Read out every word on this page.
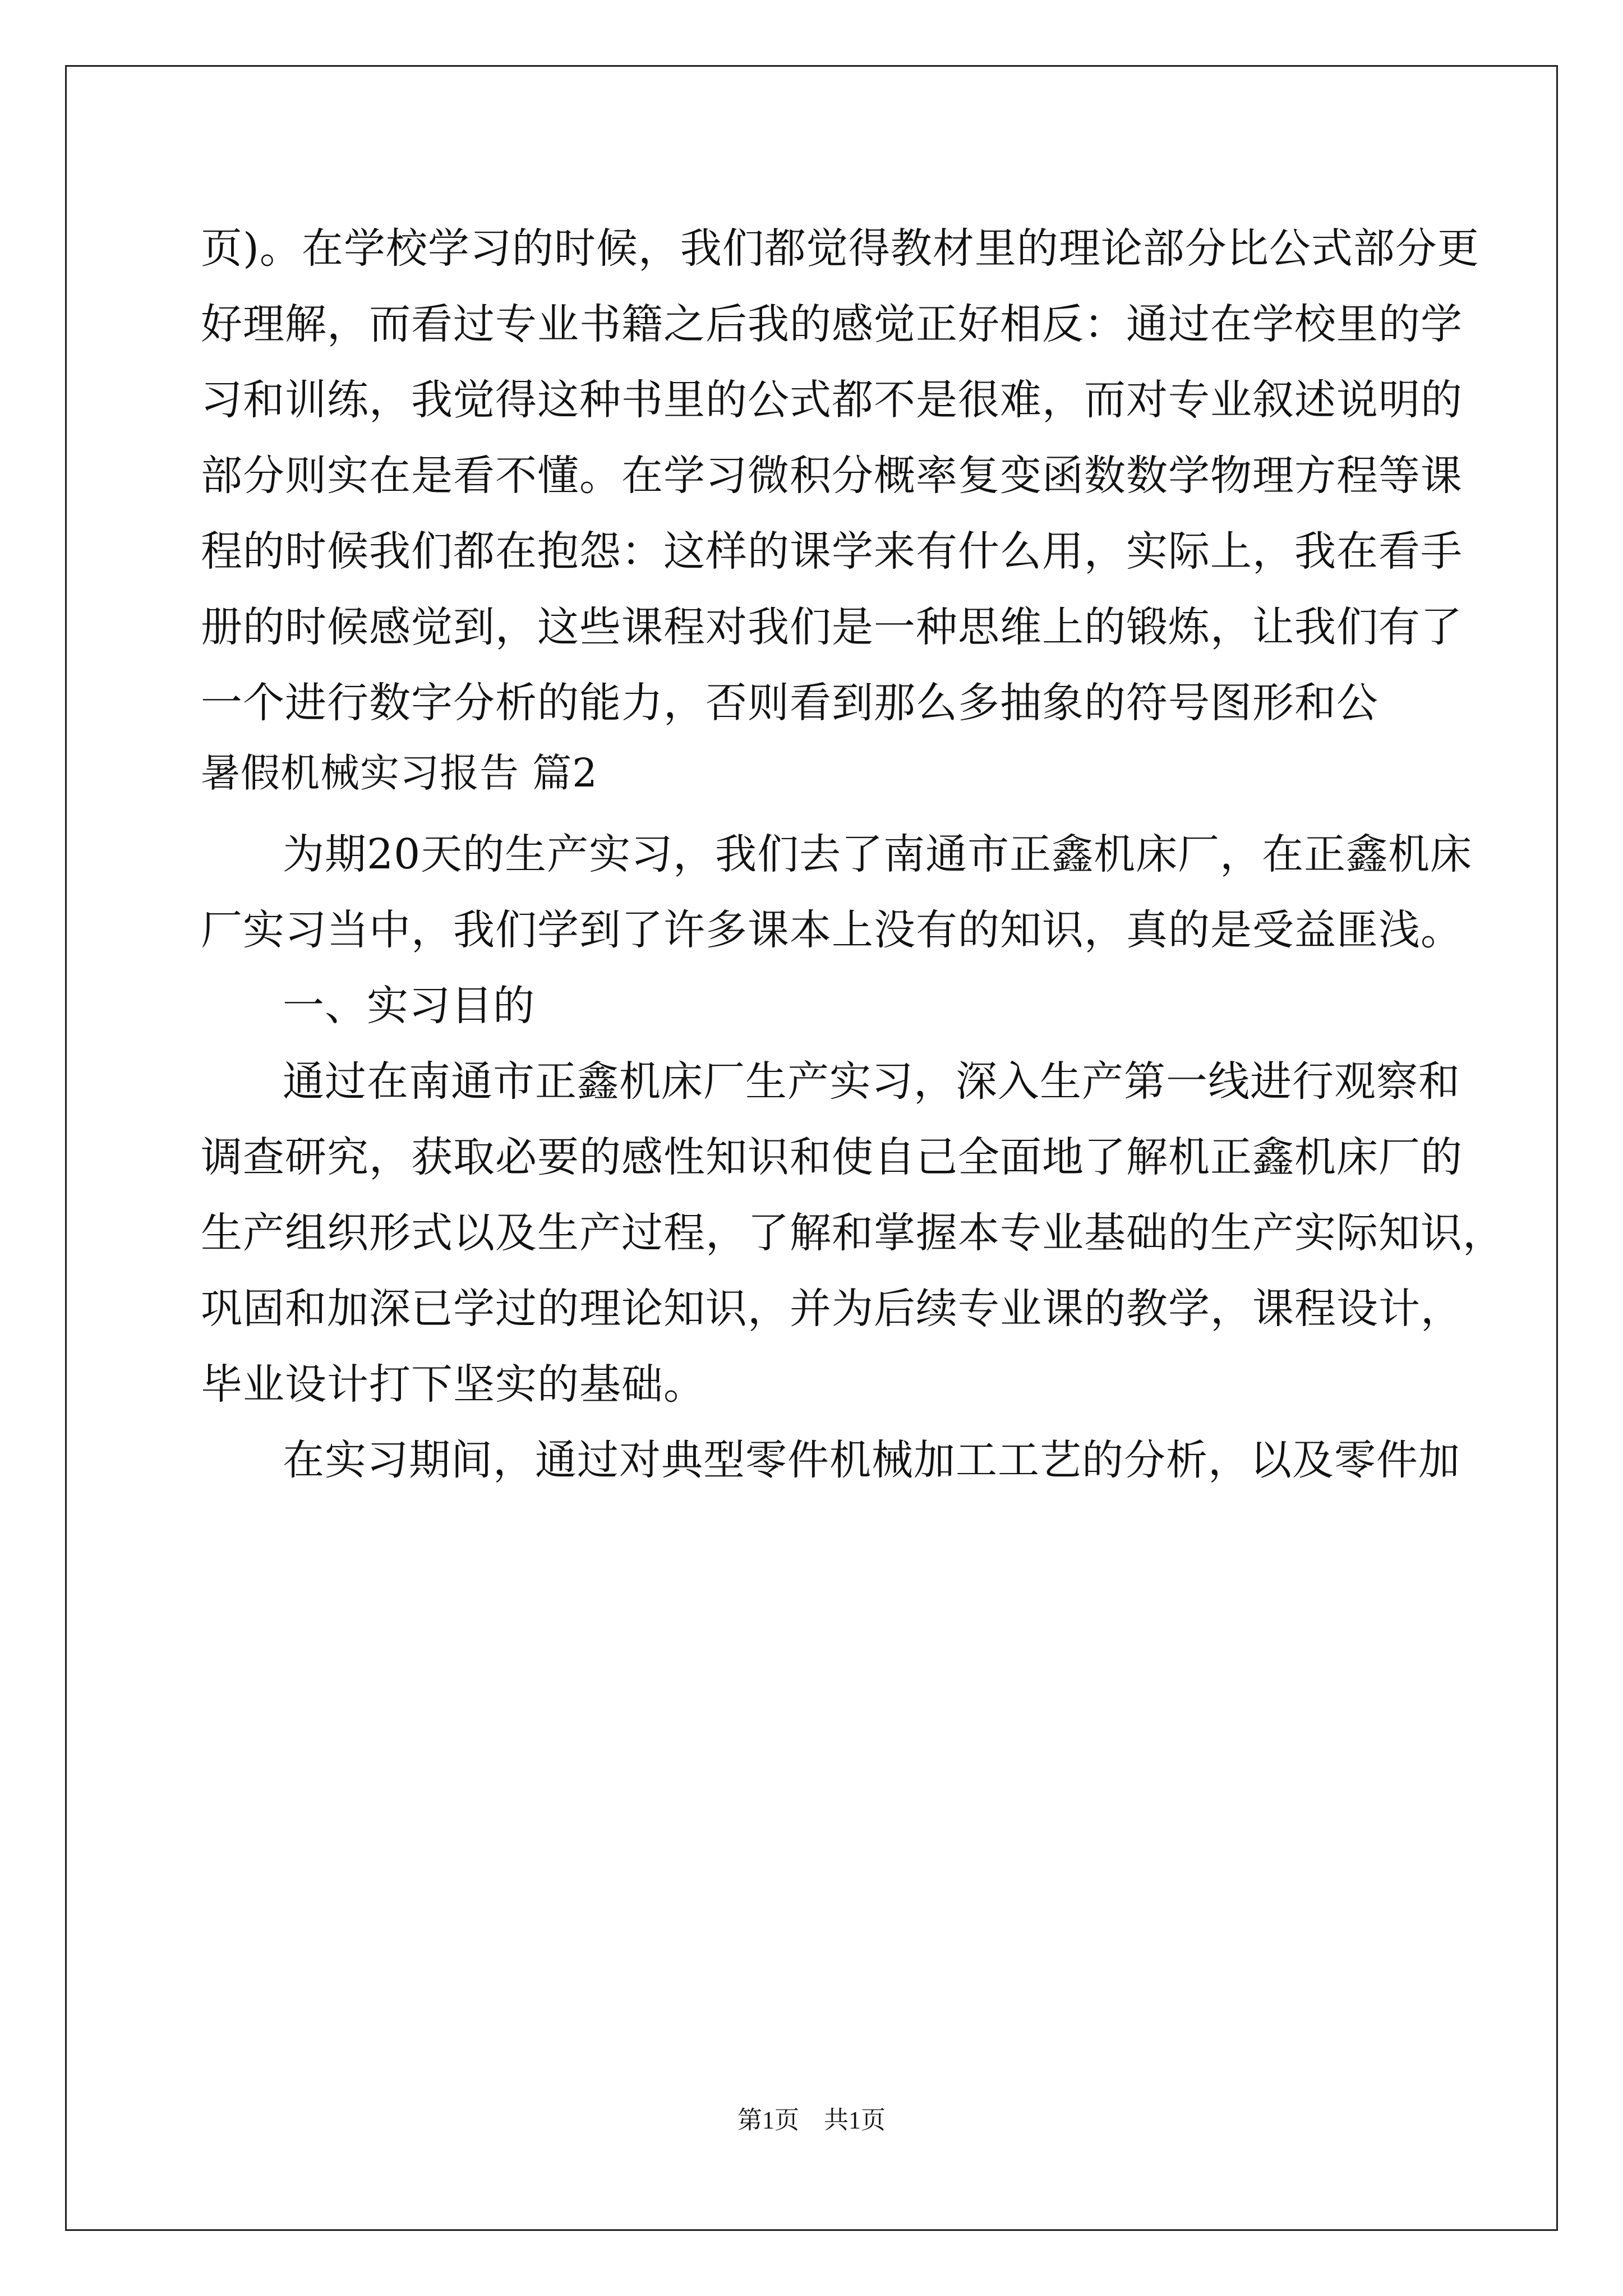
页)。在学校学习的时候，我们都觉得教材里的理论部分比公式部分更
好理解，而看过专业书籍之后我的感觉正好相反：通过在学校里的学
习和训练，我觉得这种书里的公式都不是很难，而对专业叙述说明的
部分则实在是看不懂。在学习微积分概率复变函数数学物理方程等课
程的时候我们都在抱怨：这样的课学来有什么用，实际上，我在看手
册的时候感觉到，这些课程对我们是一种思维上的锻炼，让我们有了
一个进行数字分析的能力，否则看到那么多抽象的符号图形和公
暑假机械实习报告 篇2
为期20天的生产实习，我们去了南通市正鑫机床厂，在正鑫机床
厂实习当中，我们学到了许多课本上没有的知识，真的是受益匪浅。
一、实习目的
通过在南通市正鑫机床厂生产实习，深入生产第一线进行观察和
调查研究，获取必要的感性知识和使自己全面地了解机正鑫机床厂的
生产组织形式以及生产过程，了解和掌握本专业基础的生产实际知识，
巩固和加深已学过的理论知识，并为后续专业课的教学，课程设计，
毕业设计打下坚实的基础。
在实习期间，通过对典型零件机械加工工艺的分析，以及零件加
第1页　共1页
